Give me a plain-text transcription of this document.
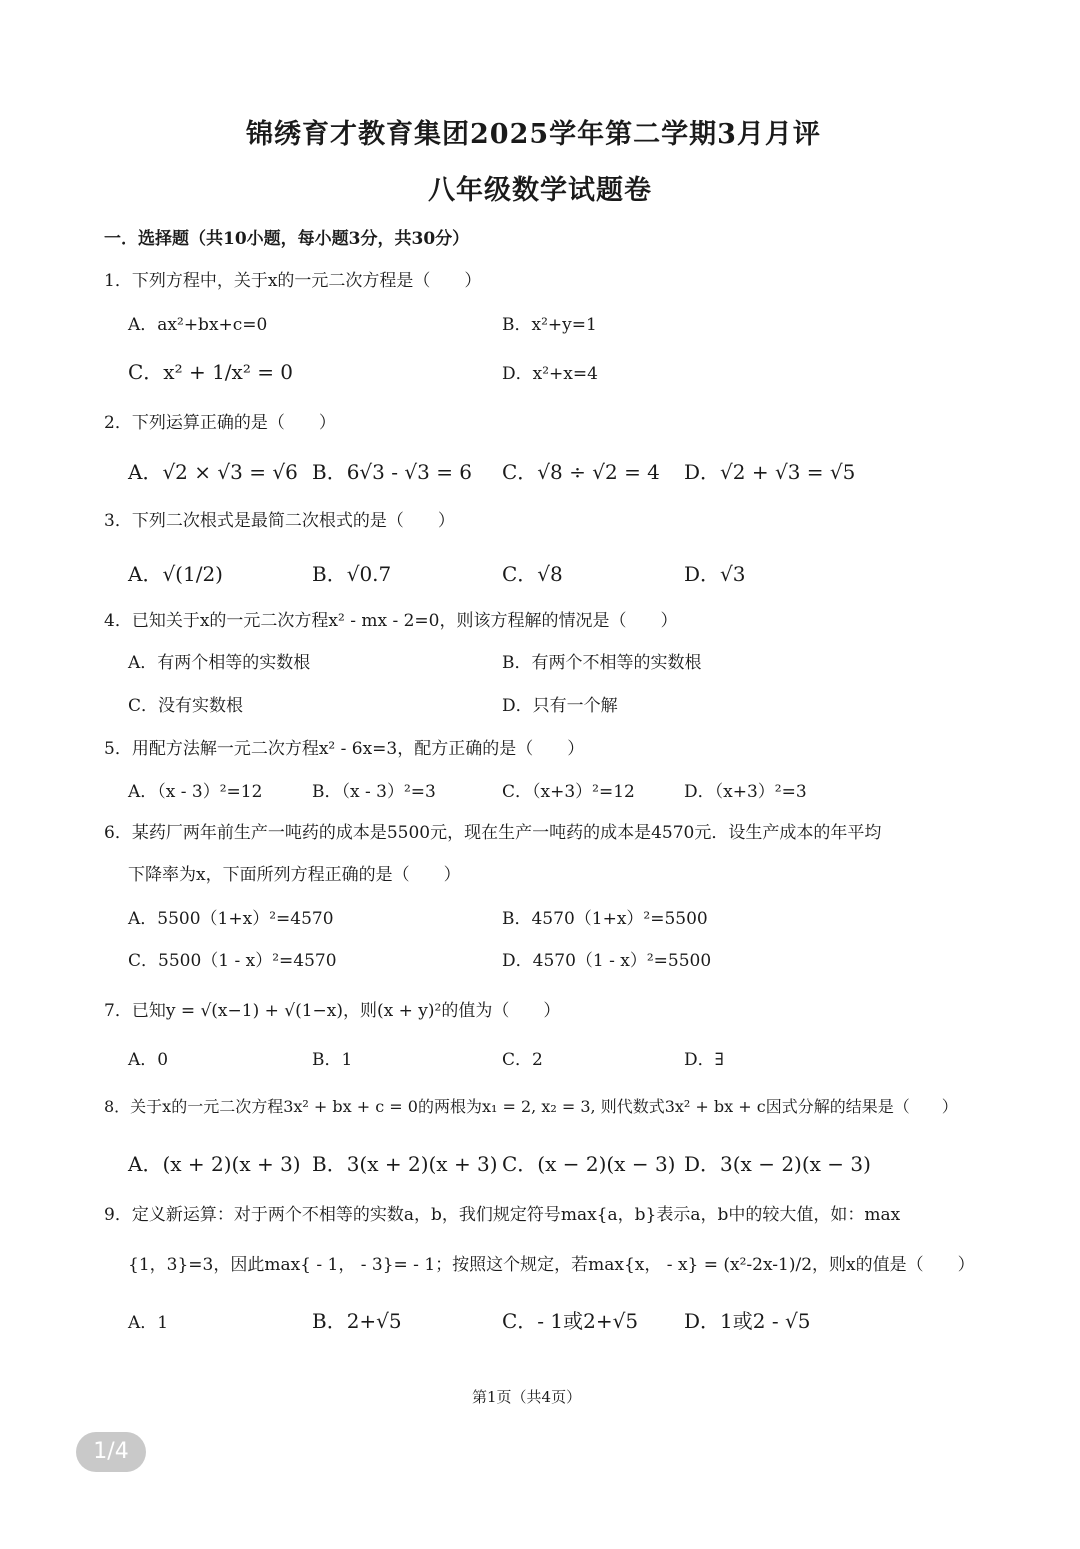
锦绣育才教育集团2025学年第二学期3月月评
八年级数学试题卷
一．选择题（共10小题，每小题3分，共30分）
1．下列方程中，关于x的一元二次方程是（　　）
A．ax²+bx+c=0	B．x²+y=1
C．x² + 1/x² = 0	D．x²+x=4
2．下列运算正确的是（　　）
A．√2 × √3 = √6 B．6√3 - √3 = 6 C．√8 ÷ √2 = 4 D．√2 + √3 = √5
3．下列二次根式是最简二次根式的是（　　）
A．√(1/2)	B．√0.7	C．√8	D．√3
4．已知关于x的一元二次方程x² - mx - 2=0，则该方程解的情况是（　　）
A．有两个相等的实数根	B．有两个不相等的实数根
C．没有实数根	D．只有一个解
5．用配方法解一元二次方程x² - 6x=3，配方正确的是（　　）
A．（x - 3）²=12	B．（x - 3）²=3	C．（x+3）²=12	D．（x+3）²=3
6．某药厂两年前生产一吨药的成本是5500元，现在生产一吨药的成本是4570元．设生产成本的年平均
下降率为x，下面所列方程正确的是（　　）
A．5500（1+x）²=4570	B．4570（1+x）²=5500
C．5500（1 - x）²=4570	D．4570（1 - x）²=5500
7．已知y = √(x−1) + √(1−x)，则(x + y)²的值为（　　）
A．0	B．1	C．2	D．∃
8．关于x的一元二次方程3x² + bx + c = 0的两根为x₁ = 2, x₂ = 3, 则代数式3x² + bx + c因式分解的结果是（　　）
A．(x + 2)(x + 3) B．3(x + 2)(x + 3) C．(x − 2)(x − 3) D．3(x − 2)(x − 3)
9．定义新运算：对于两个不相等的实数a，b，我们规定符号max{a，b}表示a，b中的较大值，如：max
{1，3}=3，因此max{ - 1， - 3}= - 1；按照这个规定，若max{x， - x} = (x²-2x-1)/2，则x的值是（　　）
A．1	B．2+√5	C．- 1或2+√5 D．1或2 - √5
第1页（共4页）
1/4
